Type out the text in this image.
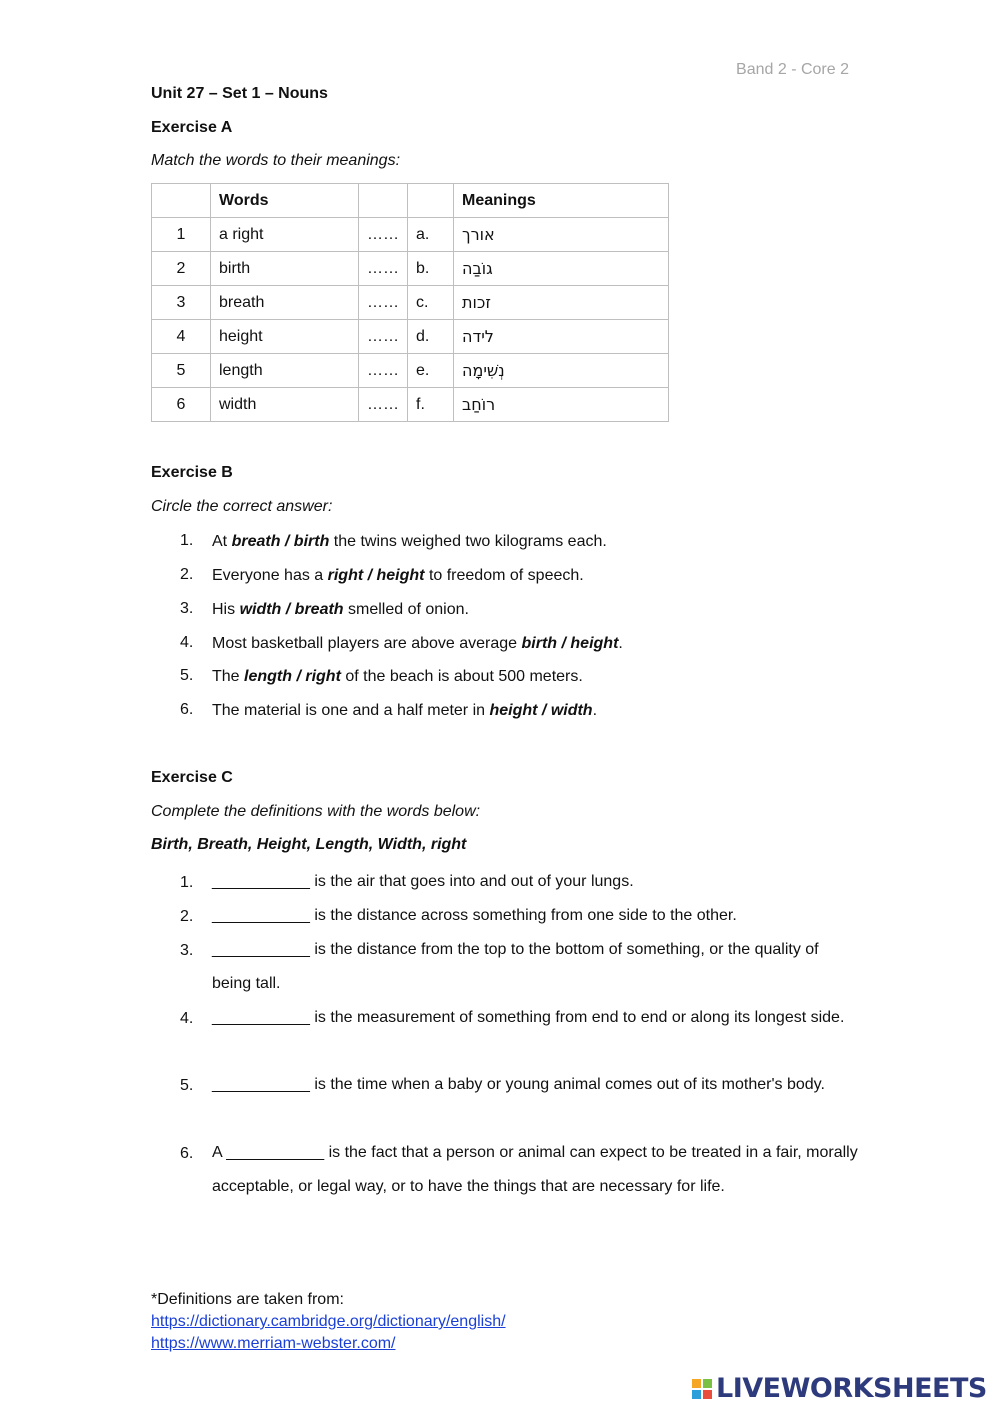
Band 2 - Core 2
Unit 27 – Set 1 – Nouns
Exercise A
Match the words to their meanings:
	Words			Meanings
1	a right	……	a.	אורך
2	birth	……	b.	גוֹבַה
3	breath	……	c.	זכות
4	height	……	d.	לידה
5	length	……	e.	נְשִׁימָה
6	width	……	f.	רוֹחַב
Exercise B
Circle the correct answer:
1.	At breath / birth the twins weighed two kilograms each.
2.	Everyone has a right / height to freedom of speech.
3.	His width / breath smelled of onion.
4.	Most basketball players are above average birth / height.
5.	The length / right of the beach is about 500 meters.
6.	The material is one and a half meter in height / width.
Exercise C
Complete the definitions with the words below:
Birth, Breath, Height, Length, Width, right
1.	___________ is the air that goes into and out of your lungs.
2.	___________ is the distance across something from one side to the other.
3.	___________ is the distance from the top to the bottom of something, or the quality of being tall.
4.	___________ is the measurement of something from end to end or along its longest side.
5.	___________ is the time when a baby or young animal comes out of its mother's body.
6.	A ___________ is the fact that a person or animal can expect to be treated in a fair, morally acceptable, or legal way, or to have the things that are necessary for life.
*Definitions are taken from:
https://dictionary.cambridge.org/dictionary/english/
https://www.merriam-webster.com/
LIVEWORKSHEETS
